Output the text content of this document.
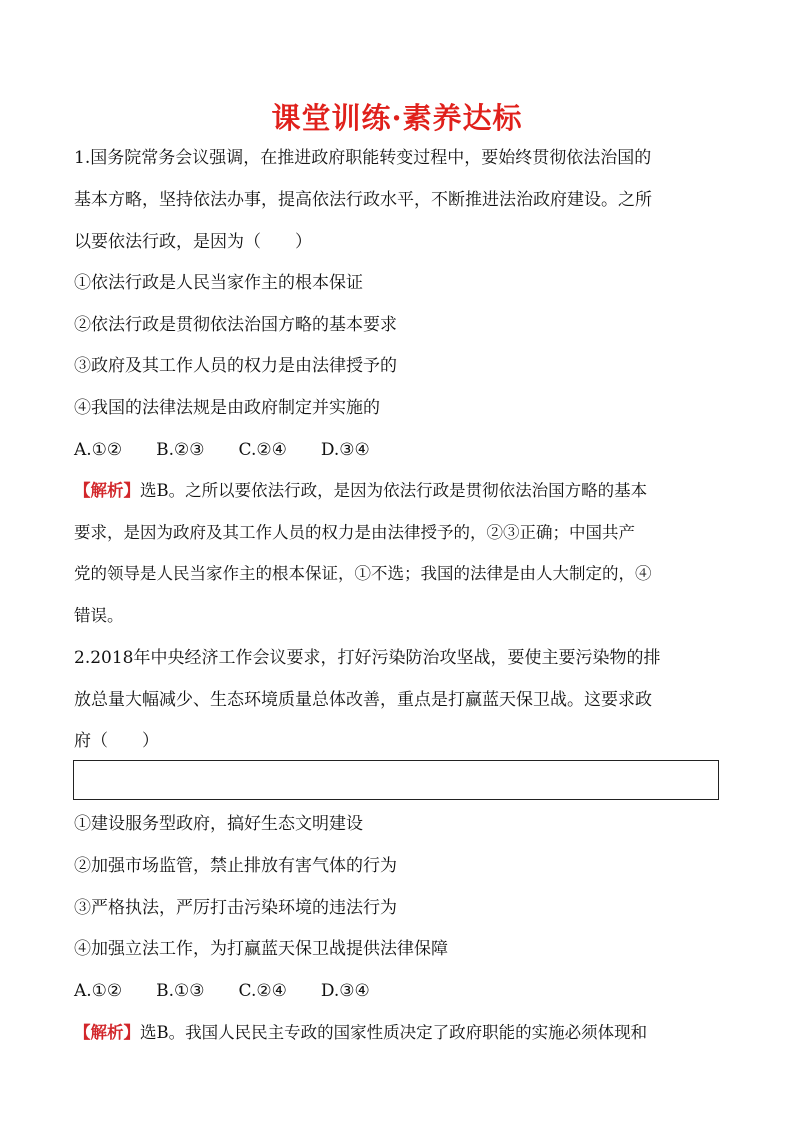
课堂训练·素养达标
1.国务院常务会议强调，在推进政府职能转变过程中，要始终贯彻依法治国的
基本方略，坚持依法办事，提高依法行政水平，不断推进法治政府建设。之所
以要依法行政，是因为（　　）
①依法行政是人民当家作主的根本保证
②依法行政是贯彻依法治国方略的基本要求
③政府及其工作人员的权力是由法律授予的
④我国的法律法规是由政府制定并实施的
A.①②　　B.②③　　C.②④　　D.③④
【解析】选B。之所以要依法行政，是因为依法行政是贯彻依法治国方略的基本
要求，是因为政府及其工作人员的权力是由法律授予的，②③正确；中国共产
党的领导是人民当家作主的根本保证，①不选；我国的法律是由人大制定的，④
错误。
2.2018年中央经济工作会议要求，打好污染防治攻坚战，要使主要污染物的排
放总量大幅减少、生态环境质量总体改善，重点是打赢蓝天保卫战。这要求政
府（　　）
①建设服务型政府，搞好生态文明建设
②加强市场监管，禁止排放有害气体的行为
③严格执法，严厉打击污染环境的违法行为
④加强立法工作，为打赢蓝天保卫战提供法律保障
A.①②　　B.①③　　C.②④　　D.③④
【解析】选B。我国人民民主专政的国家性质决定了政府职能的实施必须体现和
